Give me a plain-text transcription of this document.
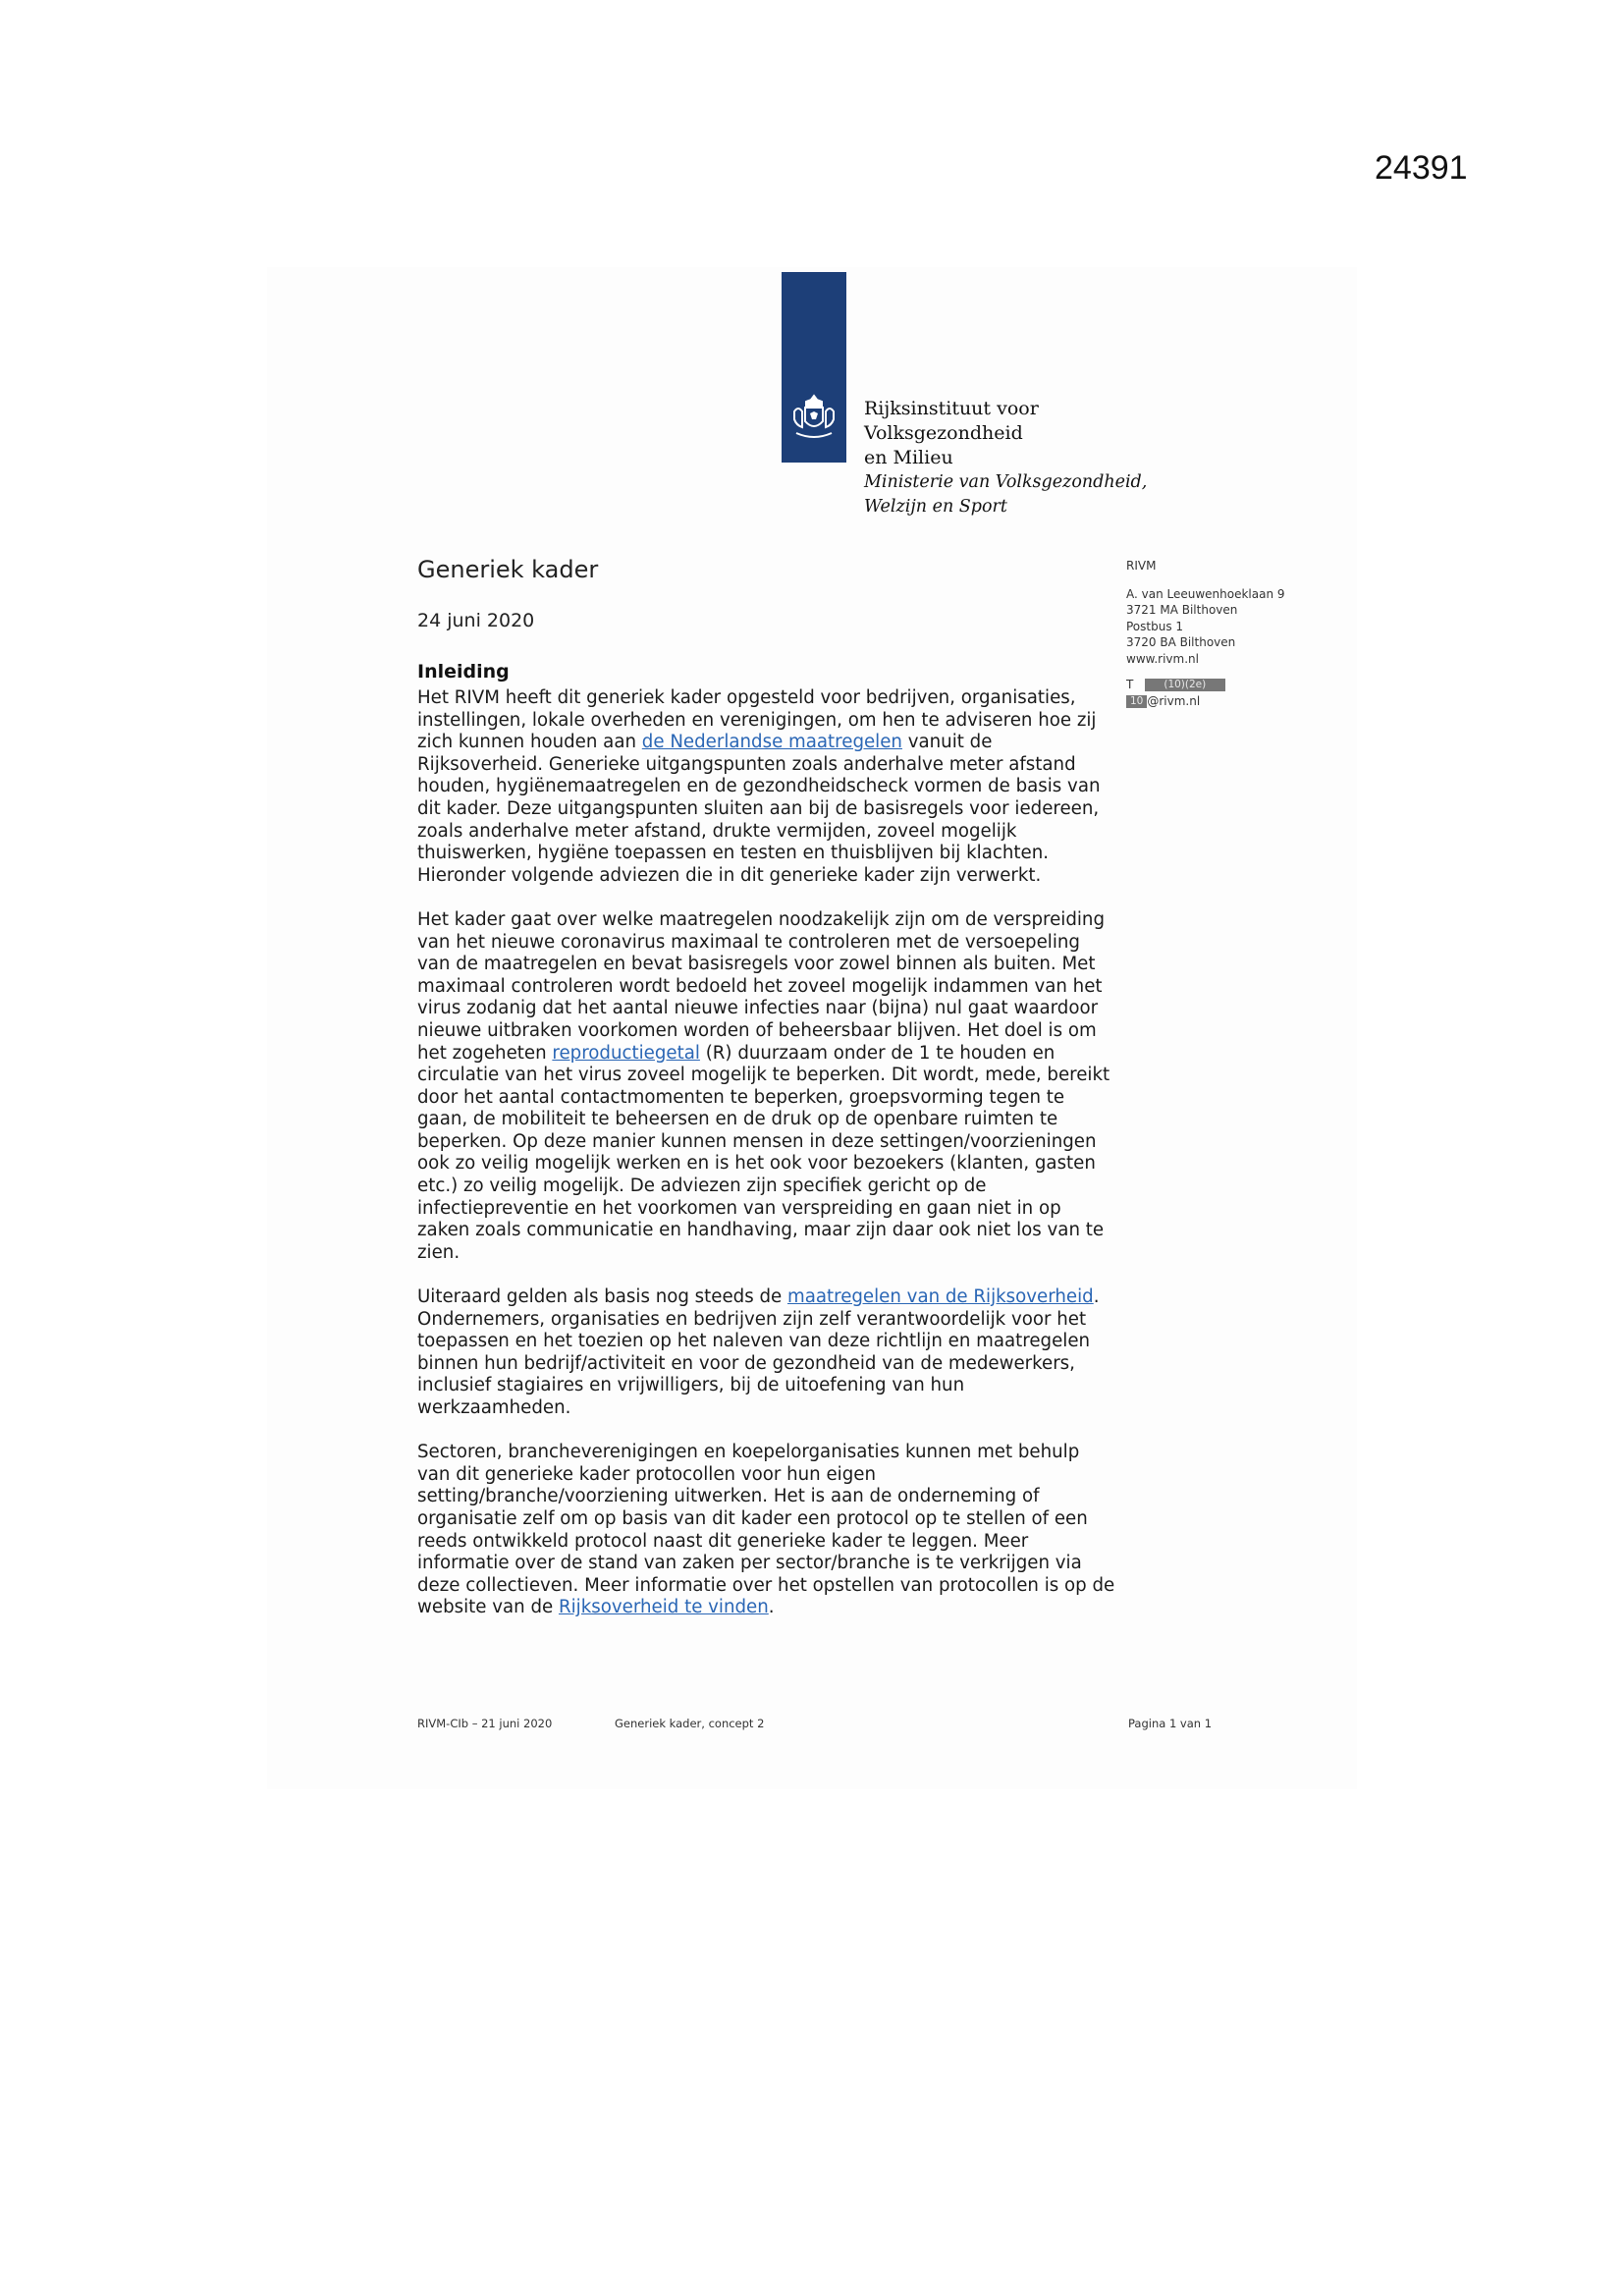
24391
Rijksinstituut voor Volksgezondheid
en Milieu
Ministerie van Volksgezondheid,
Welzijn en Sport
Generiek kader
24 juni 2020
Inleiding

Het RIVM heeft dit generiek kader opgesteld voor bedrijven, organisaties, instellingen, lokale overheden en verenigingen, om hen te adviseren hoe zij zich kunnen houden aan de Nederlandse maatregelen vanuit de Rijksoverheid. Generieke uitgangspunten zoals anderhalve meter afstand houden, hygiënemaatregelen en de gezondheidscheck vormen de basis van dit kader. Deze uitgangspunten sluiten aan bij de basisregels voor iedereen, zoals anderhalve meter afstand, drukte vermijden, zoveel mogelijk thuiswerken, hygiëne toepassen en testen en thuisblijven bij klachten. Hieronder volgende adviezen die in dit generieke kader zijn verwerkt.

Het kader gaat over welke maatregelen noodzakelijk zijn om de verspreiding van het nieuwe coronavirus maximaal te controleren met de versoepeling van de maatregelen en bevat basisregels voor zowel binnen als buiten. Met maximaal controleren wordt bedoeld het zoveel mogelijk indammen van het virus zodanig dat het aantal nieuwe infecties naar (bijna) nul gaat waardoor nieuwe uitbraken voorkomen worden of beheersbaar blijven. Het doel is om het zogeheten reproductiegetal (R) duurzaam onder de 1 te houden en circulatie van het virus zoveel mogelijk te beperken. Dit wordt, mede, bereikt door het aantal contactmomenten te beperken, groepsvorming tegen te gaan, de mobiliteit te beheersen en de druk op de openbare ruimten te beperken. Op deze manier kunnen mensen in deze settingen/voorzieningen ook zo veilig mogelijk werken en is het ook voor bezoekers (klanten, gasten etc.) zo veilig mogelijk. De adviezen zijn specifiek gericht op de infectiepreventie en het voorkomen van verspreiding en gaan niet in op zaken zoals communicatie en handhaving, maar zijn daar ook niet los van te zien.

Uiteraard gelden als basis nog steeds de maatregelen van de Rijksoverheid. Ondernemers, organisaties en bedrijven zijn zelf verantwoordelijk voor het toepassen en het toezien op het naleven van deze richtlijn en maatregelen binnen hun bedrijf/activiteit en voor de gezondheid van de medewerkers, inclusief stagiaires en vrijwilligers, bij de uitoefening van hun werkzaamheden.

Sectoren, brancheverenigingen en koepelorganisaties kunnen met behulp van dit generieke kader protocollen voor hun eigen setting/branche/voorziening uitwerken. Het is aan de onderneming of organisatie zelf om op basis van dit kader een protocol op te stellen of een reeds ontwikkeld protocol naast dit generieke kader te leggen. Meer informatie over de stand van zaken per sector/branche is te verkrijgen via deze collectieven. Meer informatie over het opstellen van protocollen is op de website van de Rijksoverheid te vinden.

RIVM
A. van Leeuwenhoeklaan 9
3721 MA Bilthoven
Postbus 1
3720 BA Bilthoven
www.rivm.nl
T	(10)(2e)
10 @rivm.nl
RIVM-CIb – 21 juni 2020	Generiek kader, concept 2	Pagina 1 van 1
